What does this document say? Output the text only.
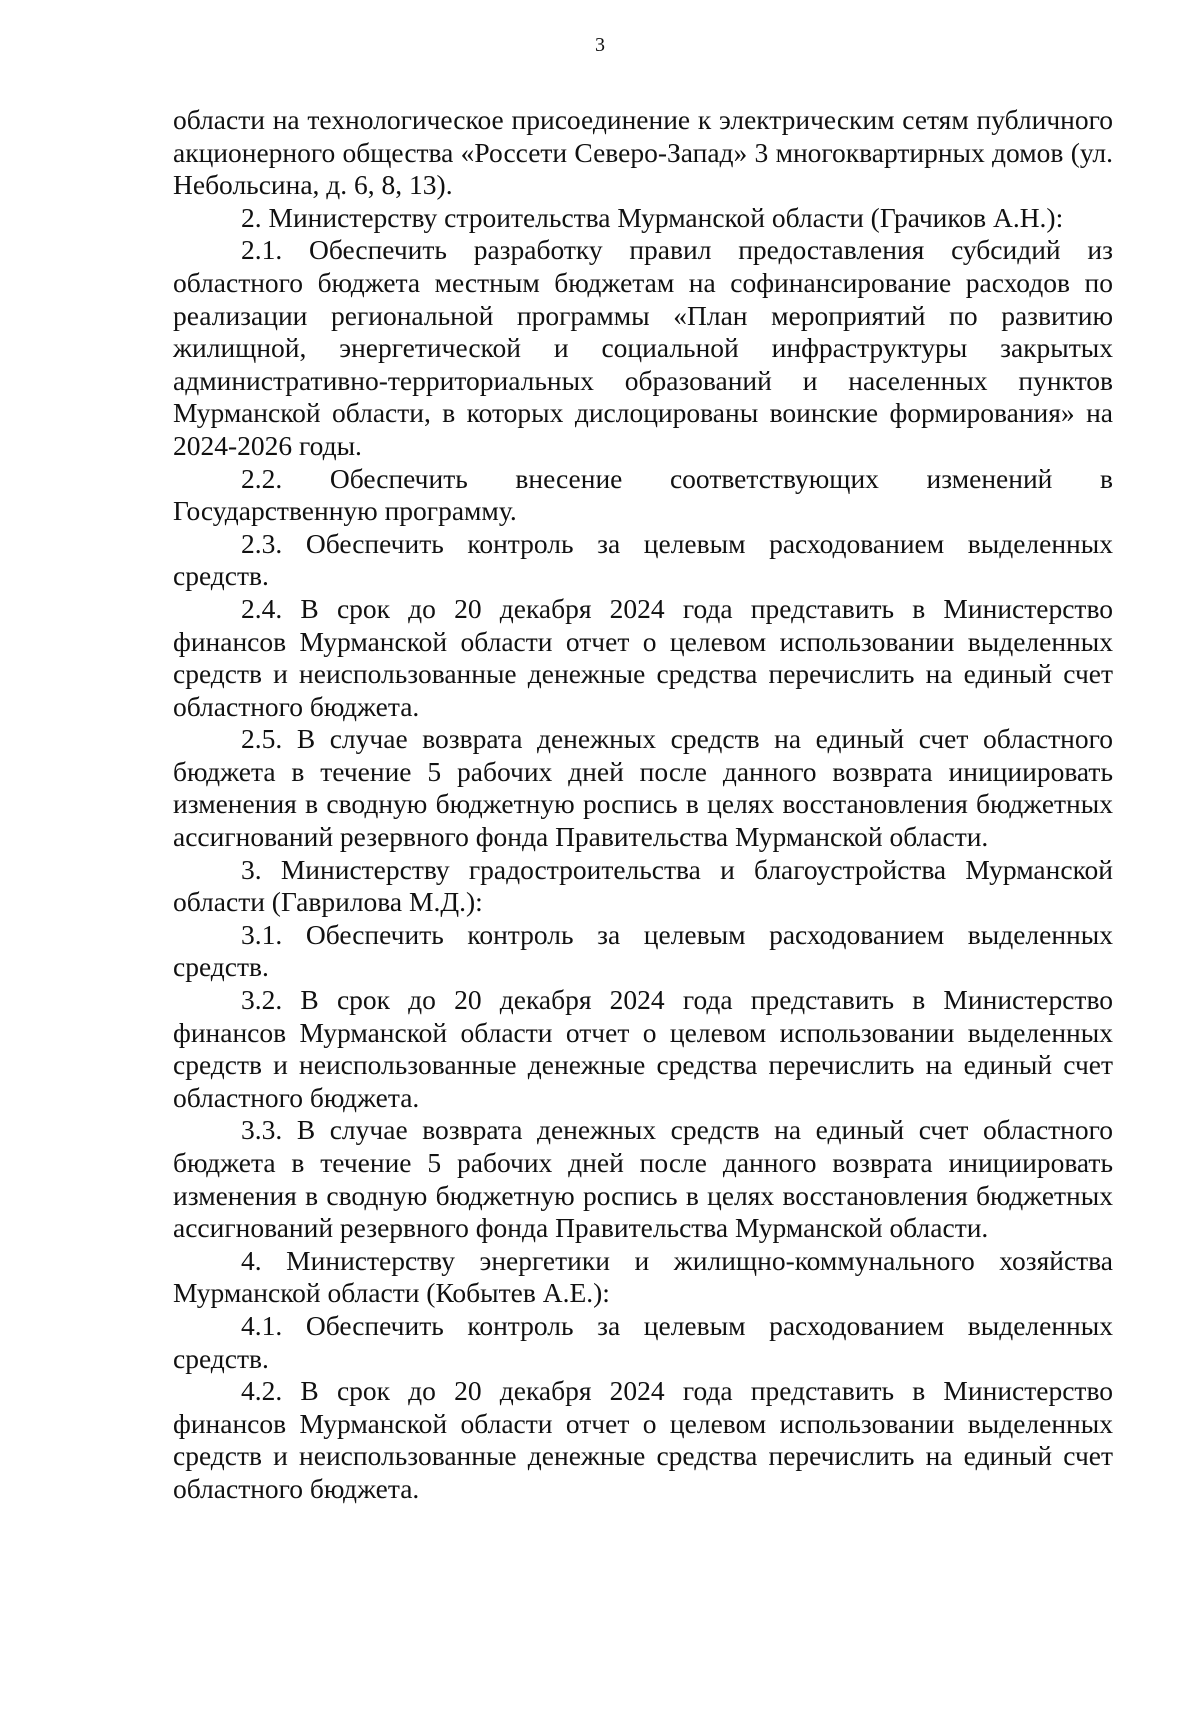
3

области на технологическое присоединение к электрическим сетям публичного акционерного общества «Россети Северо-Запад» 3 многоквартирных домов (ул. Небольсина, д. 6, 8, 13).

2. Министерству строительства Мурманской области (Грачиков А.Н.):

2.1. Обеспечить разработку правил предоставления субсидий из областного бюджета местным бюджетам на софинансирование расходов по реализации региональной программы «План мероприятий по развитию жилищной, энергетической и социальной инфраструктуры закрытых административно-территориальных образований и населенных пунктов Мурманской области, в которых дислоцированы воинские формирования» на 2024-2026 годы.

2.2. Обеспечить внесение соответствующих изменений в Государственную программу.

2.3. Обеспечить контроль за целевым расходованием выделенных средств.

2.4. В срок до 20 декабря 2024 года представить в Министерство финансов Мурманской области отчет о целевом использовании выделенных средств и неиспользованные денежные средства перечислить на единый счет областного бюджета.

2.5. В случае возврата денежных средств на единый счет областного бюджета в течение 5 рабочих дней после данного возврата инициировать изменения в сводную бюджетную роспись в целях восстановления бюджетных ассигнований резервного фонда Правительства Мурманской области.

3. Министерству градостроительства и благоустройства Мурманской области (Гаврилова М.Д.):

3.1. Обеспечить контроль за целевым расходованием выделенных средств.

3.2. В срок до 20 декабря 2024 года представить в Министерство финансов Мурманской области отчет о целевом использовании выделенных средств и неиспользованные денежные средства перечислить на единый счет областного бюджета.

3.3. В случае возврата денежных средств на единый счет областного бюджета в течение 5 рабочих дней после данного возврата инициировать изменения в сводную бюджетную роспись в целях восстановления бюджетных ассигнований резервного фонда Правительства Мурманской области.

4. Министерству энергетики и жилищно-коммунального хозяйства Мурманской области (Кобытев А.Е.):

4.1. Обеспечить контроль за целевым расходованием выделенных средств.

4.2. В срок до 20 декабря 2024 года представить в Министерство финансов Мурманской области отчет о целевом использовании выделенных средств и неиспользованные денежные средства перечислить на единый счет областного бюджета.
